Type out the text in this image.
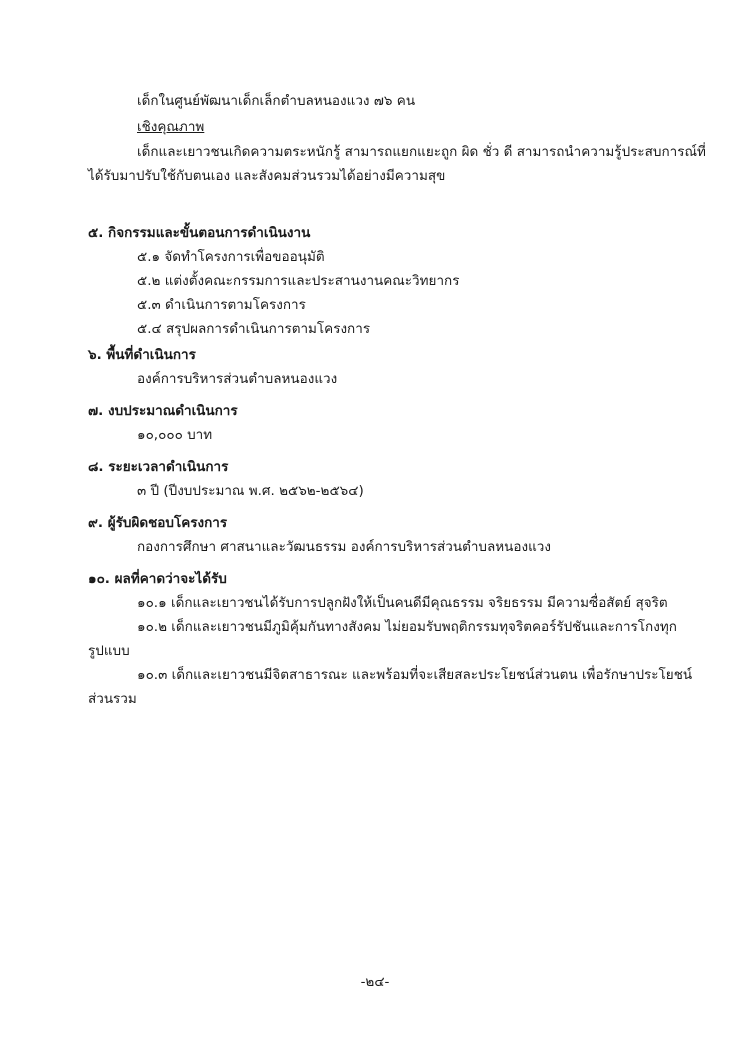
เด็กในศูนย์พัฒนาเด็กเล็กตำบลหนองแวง ๗๖ คน
เชิงคุณภาพ
เด็กและเยาวชนเกิดความตระหนักรู้ สามารถแยกแยะถูก ผิด ชั่ว ดี สามารถนำความรู้ประสบการณ์ที่
ได้รับมาปรับใช้กับตนเอง และสังคมส่วนรวมได้อย่างมีความสุข
๕. กิจกรรมและขั้นตอนการดำเนินงาน
๕.๑ จัดทำโครงการเพื่อขออนุมัติ
๕.๒ แต่งตั้งคณะกรรมการและประสานงานคณะวิทยากร
๕.๓ ดำเนินการตามโครงการ
๕.๔ สรุปผลการดำเนินการตามโครงการ
๖. พื้นที่ดำเนินการ
องค์การบริหารส่วนตำบลหนองแวง
๗. งบประมาณดำเนินการ
๑๐,๐๐๐ บาท
๘. ระยะเวลาดำเนินการ
๓ ปี (ปีงบประมาณ พ.ศ. ๒๕๖๒-๒๕๖๔)
๙. ผู้รับผิดชอบโครงการ
กองการศึกษา ศาสนาและวัฒนธรรม องค์การบริหารส่วนตำบลหนองแวง
๑๐. ผลที่คาดว่าจะได้รับ
๑๐.๑ เด็กและเยาวชนได้รับการปลูกฝังให้เป็นคนดีมีคุณธรรม จริยธรรม มีความซื่อสัตย์ สุจริต
๑๐.๒ เด็กและเยาวชนมีภูมิคุ้มกันทางสังคม ไม่ยอมรับพฤติกรรมทุจริตคอร์รัปชันและการโกงทุก
รูปแบบ
๑๐.๓ เด็กและเยาวชนมีจิตสาธารณะ และพร้อมที่จะเสียสละประโยชน์ส่วนตน เพื่อรักษาประโยชน์
ส่วนรวม
-๒๔-
